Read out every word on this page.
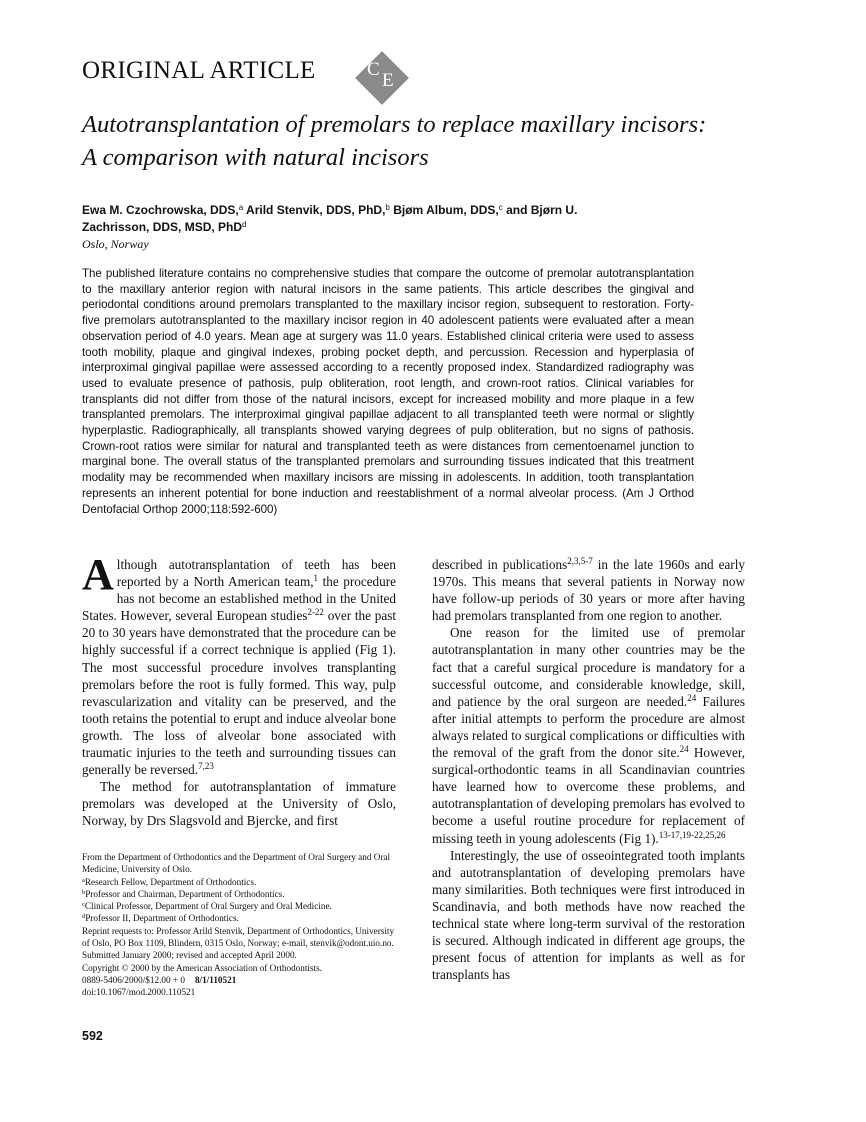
ORIGINAL ARTICLE	C
E
Autotransplantation of premolars to replace maxillary incisors:
A comparison with natural incisors
Ewa M. Czochrowska, DDS,$^a$ Arild Stenvik, DDS, PhD,$^b$ Bjøm Album, DDS,$^c$ and Bjørn U. Zachrisson, DDS, MSD, PhD$^d$
Oslo, Norway
The published literature contains no comprehensive studies that compare the outcome of premolar autotransplantation to the maxillary anterior region with natural incisors in the same patients. This article describes the gingival and periodontal conditions around premolars transplanted to the maxillary incisor region, subsequent to restoration. Forty-five premolars autotransplanted to the maxillary incisor region in 40 adolescent patients were evaluated after a mean observation period of 4.0 years. Mean age at surgery was 11.0 years. Established clinical criteria were used to assess tooth mobility, plaque and gingival indexes, probing pocket depth, and percussion. Recession and hyperplasia of interproximal gingival papillae were assessed according to a recently proposed index. Standardized radiography was used to evaluate presence of pathosis, pulp obliteration, root length, and crown-root ratios. Clinical variables for transplants did not differ from those of the natural incisors, except for increased mobility and more plaque in a few transplanted premolars. The interproximal gingival papillae adjacent to all transplanted teeth were normal or slightly hyperplastic. Radiographically, all transplants showed varying degrees of pulp obliteration, but no signs of pathosis. Crown-root ratios were similar for natural and transplanted teeth as were distances from cementoenamel junction to marginal bone. The overall status of the transplanted premolars and surrounding tissues indicated that this treatment modality may be recommended when maxillary incisors are missing in adolescents. In addition, tooth transplantation represents an inherent potential for bone induction and reestablishment of a normal alveolar process. (Am J Orthod Dentofacial Orthop 2000;118:592-600)

Although autotransplantation of teeth has been reported by a North American team,$^1$ the procedure has not become an established method in the United States. However, several European studies$^{2-22}$ over the past 20 to 30 years have demonstrated that the procedure can be highly successful if a correct technique is applied (Fig 1). The most successful procedure involves transplanting premolars before the root is fully formed. This way, pulp revascularization and vitality can be preserved, and the tooth retains the potential to erupt and induce alveolar bone growth. The loss of alveolar bone associated with traumatic injuries to the teeth and surrounding tissues can generally be reversed.$^{7,23}$

The method for autotransplantation of immature premolars was developed at the University of Oslo, Norway, by Drs Slagsvold and Bjercke, and first

described in publications$^{2,3,5-7}$ in the late 1960s and early 1970s. This means that several patients in Norway now have follow-up periods of 30 years or more after having had premolars transplanted from one region to another.

One reason for the limited use of premolar autotransplantation in many other countries may be the fact that a careful surgical procedure is mandatory for a successful outcome, and considerable knowledge, skill, and patience by the oral surgeon are needed.$^{24}$ Failures after initial attempts to perform the procedure are almost always related to surgical complications or difficulties with the removal of the graft from the donor site.$^{24}$ However, surgical-orthodontic teams in all Scandinavian countries have learned how to overcome these problems, and autotransplantation of developing premolars has evolved to become a useful routine procedure for replacement of missing teeth in young adolescents (Fig 1).$^{13-17,19-22,25,26}$

Interestingly, the use of osseointegrated tooth implants and autotransplantation of developing premolars have many similarities. Both techniques were first introduced in Scandinavia, and both methods have now reached the technical state where long-term survival of the restoration is secured. Although indicated in different age groups, the present focus of attention for implants as well as for transplants has

From the Department of Orthodontics and the Department of Oral Surgery and Oral Medicine, University of Oslo.
$^a$Research Fellow, Department of Orthodontics.
$^b$Professor and Chairman, Department of Orthodontics.
$^c$Clinical Professor, Department of Oral Surgery and Oral Medicine.
$^d$Professor II, Department of Orthodontics.
Reprint requests to: Professor Arild Stenvik, Department of Orthodontics, University of Oslo, PO Box 1109, Blindern, 0315 Oslo, Norway; e-mail, stenvik@odont.uio.no.
Submitted January 2000; revised and accepted April 2000.
Copyright © 2000 by the American Association of Orthodontists.
0889-5406/2000/$12.00 + 0 8/1/110521
doi:10.1067/mod.2000.110521
592
